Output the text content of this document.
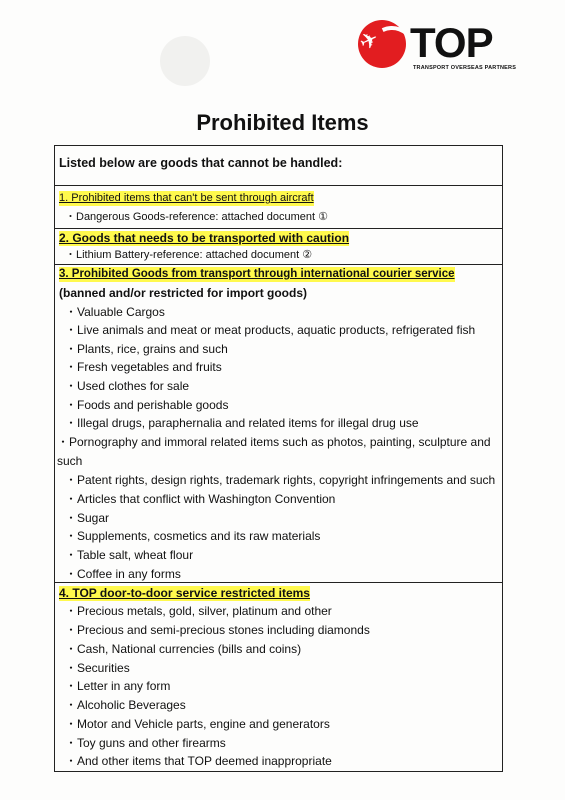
✈ TOP
TRANSPORT OVERSEAS PARTNERS
Prohibited Items
Listed below are goods that cannot be handled:
1. Prohibited items that can't be sent through aircraft
・Dangerous Goods-reference: attached document ①
2. Goods that needs to be transported with caution
・Lithium Battery-reference: attached document ②
3. Prohibited Goods from transport through international courier service
(banned and/or restricted for import goods)
・Valuable Cargos
・Live animals and meat or meat products, aquatic products, refrigerated fish
・Plants, rice, grains and such
・Fresh vegetables and fruits
・Used clothes for sale
・Foods and perishable goods
・Illegal drugs, paraphernalia and related items for illegal drug use
・Pornography and immoral related items such as photos, painting, sculpture and
such
・Patent rights, design rights, trademark rights, copyright infringements and such
・Articles that conflict with Washington Convention
・Sugar
・Supplements, cosmetics and its raw materials
・Table salt, wheat flour
・Coffee in any forms
4. TOP door-to-door service restricted items
・Precious metals, gold, silver, platinum and other
・Precious and semi-precious stones including diamonds
・Cash, National currencies (bills and coins)
・Securities
・Letter in any form
・Alcoholic Beverages
・Motor and Vehicle parts, engine and generators
・Toy guns and other firearms
・And other items that TOP deemed inappropriate
